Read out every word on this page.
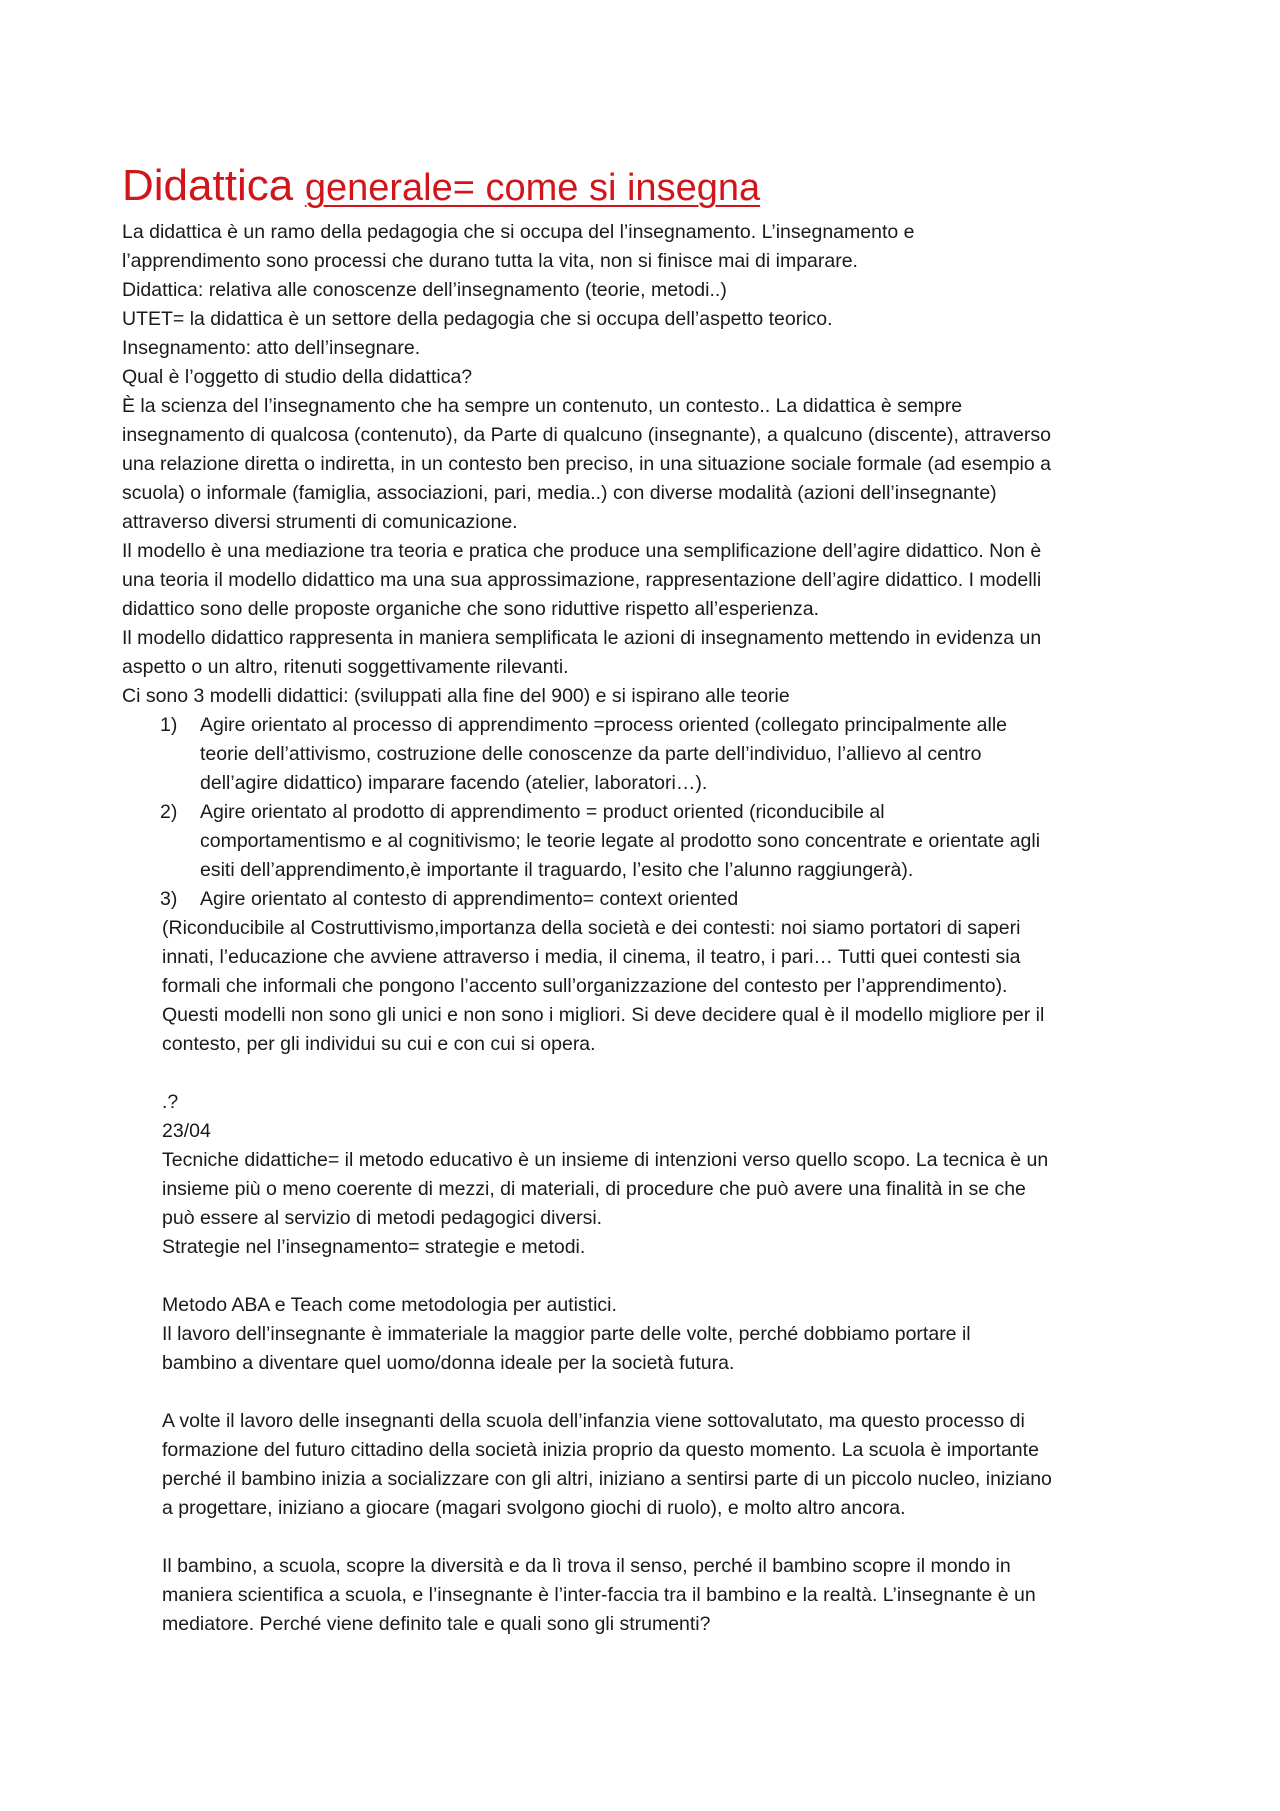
Didattica generale= come si insegna

La didattica è un ramo della pedagogia che si occupa del l’insegnamento. L’insegnamento e

l’apprendimento sono processi che durano tutta la vita, non si finisce mai di imparare.

Didattica: relativa alle conoscenze dell’insegnamento (teorie, metodi..)

UTET= la didattica è un settore della pedagogia che si occupa dell’aspetto teorico.

Insegnamento: atto dell’insegnare.

Qual è l’oggetto di studio della didattica?

È la scienza del l’insegnamento che ha sempre un contenuto, un contesto.. La didattica è sempre

insegnamento di qualcosa (contenuto), da Parte di qualcuno (insegnante), a qualcuno (discente), attraverso

una relazione diretta o indiretta, in un contesto ben preciso, in una situazione sociale formale (ad esempio a

scuola) o informale (famiglia, associazioni, pari, media..) con diverse modalità (azioni dell’insegnante)

attraverso diversi strumenti di comunicazione.

Il modello è una mediazione tra teoria e pratica che produce una semplificazione dell’agire didattico. Non è

una teoria il modello didattico ma una sua approssimazione, rappresentazione dell’agire didattico. I modelli

didattico sono delle proposte organiche che sono riduttive rispetto all’esperienza.

Il modello didattico rappresenta in maniera semplificata le azioni di insegnamento mettendo in evidenza un

aspetto o un altro, ritenuti soggettivamente rilevanti.

Ci sono 3 modelli didattici: (sviluppati alla fine del 900) e si ispirano alle teorie

1) Agire orientato al processo di apprendimento =process oriented (collegato principalmente alle
teorie dell’attivismo, costruzione delle conoscenze da parte dell’individuo, l’allievo al centro
dell’agire didattico) imparare facendo (atelier, laboratori…).
2) Agire orientato al prodotto di apprendimento = product oriented (riconducibile al
comportamentismo e al cognitivismo; le teorie legate al prodotto sono concentrate e orientate agli
esiti dell’apprendimento,è importante il traguardo, l’esito che l’alunno raggiungerà).
3) Agire orientato al contesto di apprendimento= context oriented

(Riconducibile al Costruttivismo,importanza della società e dei contesti: noi siamo portatori di saperi

innati, l’educazione che avviene attraverso i media, il cinema, il teatro, i pari… Tutti quei contesti sia

formali che informali che pongono l’accento sull’organizzazione del contesto per l’apprendimento).

Questi modelli non sono gli unici e non sono i migliori. Si deve decidere qual è il modello migliore per il

contesto, per gli individui su cui e con cui si opera.

.?

23/04

Tecniche didattiche= il metodo educativo è un insieme di intenzioni verso quello scopo. La tecnica è un

insieme più o meno coerente di mezzi, di materiali, di procedure che può avere una finalità in se che

può essere al servizio di metodi pedagogici diversi.

Strategie nel l’insegnamento= strategie e metodi.

Metodo ABA e Teach come metodologia per autistici.

Il lavoro dell’insegnante è immateriale la maggior parte delle volte, perché dobbiamo portare il

bambino a diventare quel uomo/donna ideale per la società futura.

A volte il lavoro delle insegnanti della scuola dell’infanzia viene sottovalutato, ma questo processo di

formazione del futuro cittadino della società inizia proprio da questo momento. La scuola è importante

perché il bambino inizia a socializzare con gli altri, iniziano a sentirsi parte di un piccolo nucleo, iniziano

a progettare, iniziano a giocare (magari svolgono giochi di ruolo), e molto altro ancora.

Il bambino, a scuola, scopre la diversità e da lì trova il senso, perché il bambino scopre il mondo in

maniera scientifica a scuola, e l’insegnante è l’inter-faccia tra il bambino e la realtà. L’insegnante è un

mediatore. Perché viene definito tale e quali sono gli strumenti?
